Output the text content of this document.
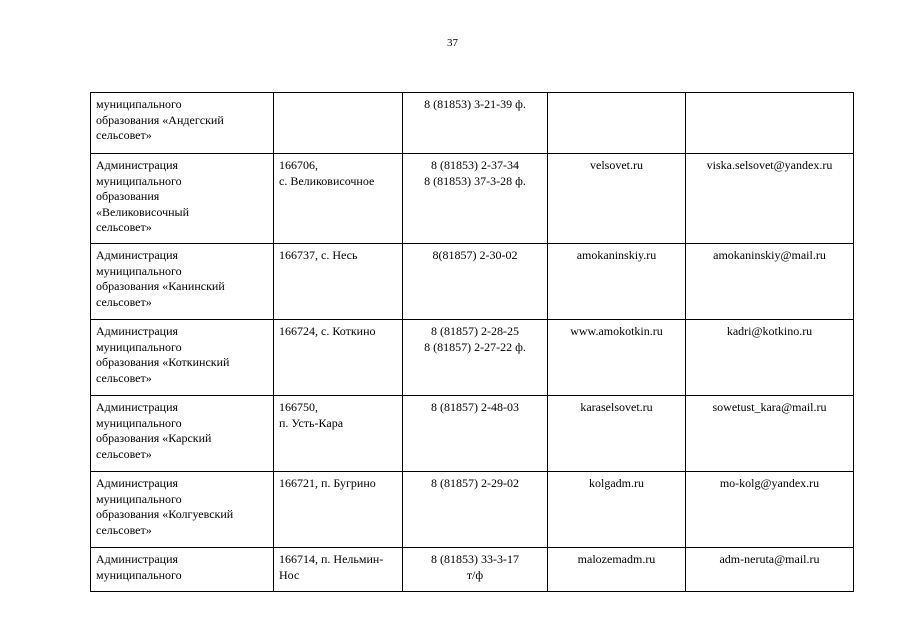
37
муниципального
образования «Андегский
сельсовет»		8 (81853) 3-21-39 ф.		

Администрация
муниципального
образования
«Великовисочный
сельсовет»	166706,
с. Великовисочное	8 (81853) 2-37-34
8 (81853) 37-3-28 ф.	velsovet.ru	viska.selsovet@yandex.ru

Администрация
муниципального
образования «Канинский
сельсовет»	166737, с. Несь	8(81857) 2-30-02	amokaninskiy.ru	amokaninskiy@mail.ru

Администрация
муниципального
образования «Коткинский
сельсовет»	166724, с. Коткино	8 (81857) 2-28-25
8 (81857) 2-27-22 ф.	www.amokotkin.ru	kadri@kotkino.ru

Администрация
муниципального
образования «Карский
сельсовет»	166750,
п. Усть-Кара	8 (81857) 2-48-03	karaselsovet.ru	sowetust_kara@mail.ru

Администрация
муниципального
образования «Колгуевский
сельсовет»	166721, п. Бугрино	8 (81857) 2-29-02	kolgadm.ru	mo-kolg@yandex.ru

Администрация
муниципального	166714, п. Нельмин-
Нос	8 (81853) 33-3-17
т/ф	malozemadm.ru	adm-neruta@mail.ru
